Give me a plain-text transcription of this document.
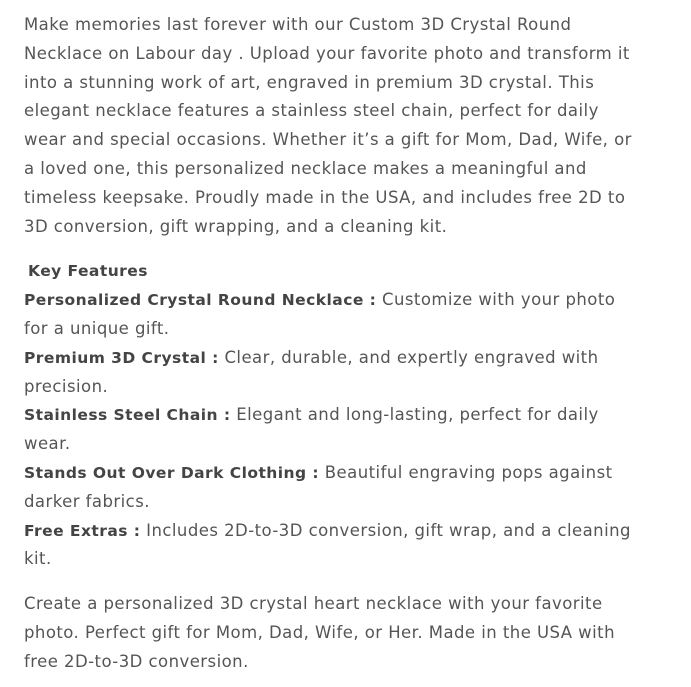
Make memories last forever with our Custom 3D Crystal Round Necklace on Labour day . Upload your favorite photo and transform it into a stunning work of art, engraved in premium 3D crystal. This elegant necklace features a stainless steel chain, perfect for daily wear and special occasions. Whether it’s a gift for Mom, Dad, Wife, or a loved one, this personalized necklace makes a meaningful and timeless keepsake. Proudly made in the USA, and includes free 2D to 3D conversion, gift wrapping, and a cleaning kit.

Key Features
Personalized Crystal Round Necklace : Customize with your photo for a unique gift.
Premium 3D Crystal : Clear, durable, and expertly engraved with precision.
Stainless Steel Chain : Elegant and long-lasting, perfect for daily wear.
Stands Out Over Dark Clothing : Beautiful engraving pops against darker fabrics.
Free Extras : Includes 2D-to-3D conversion, gift wrap, and a cleaning kit.

Create a personalized 3D crystal heart necklace with your favorite photo. Perfect gift for Mom, Dad, Wife, or Her. Made in the USA with free 2D-to-3D conversion.
